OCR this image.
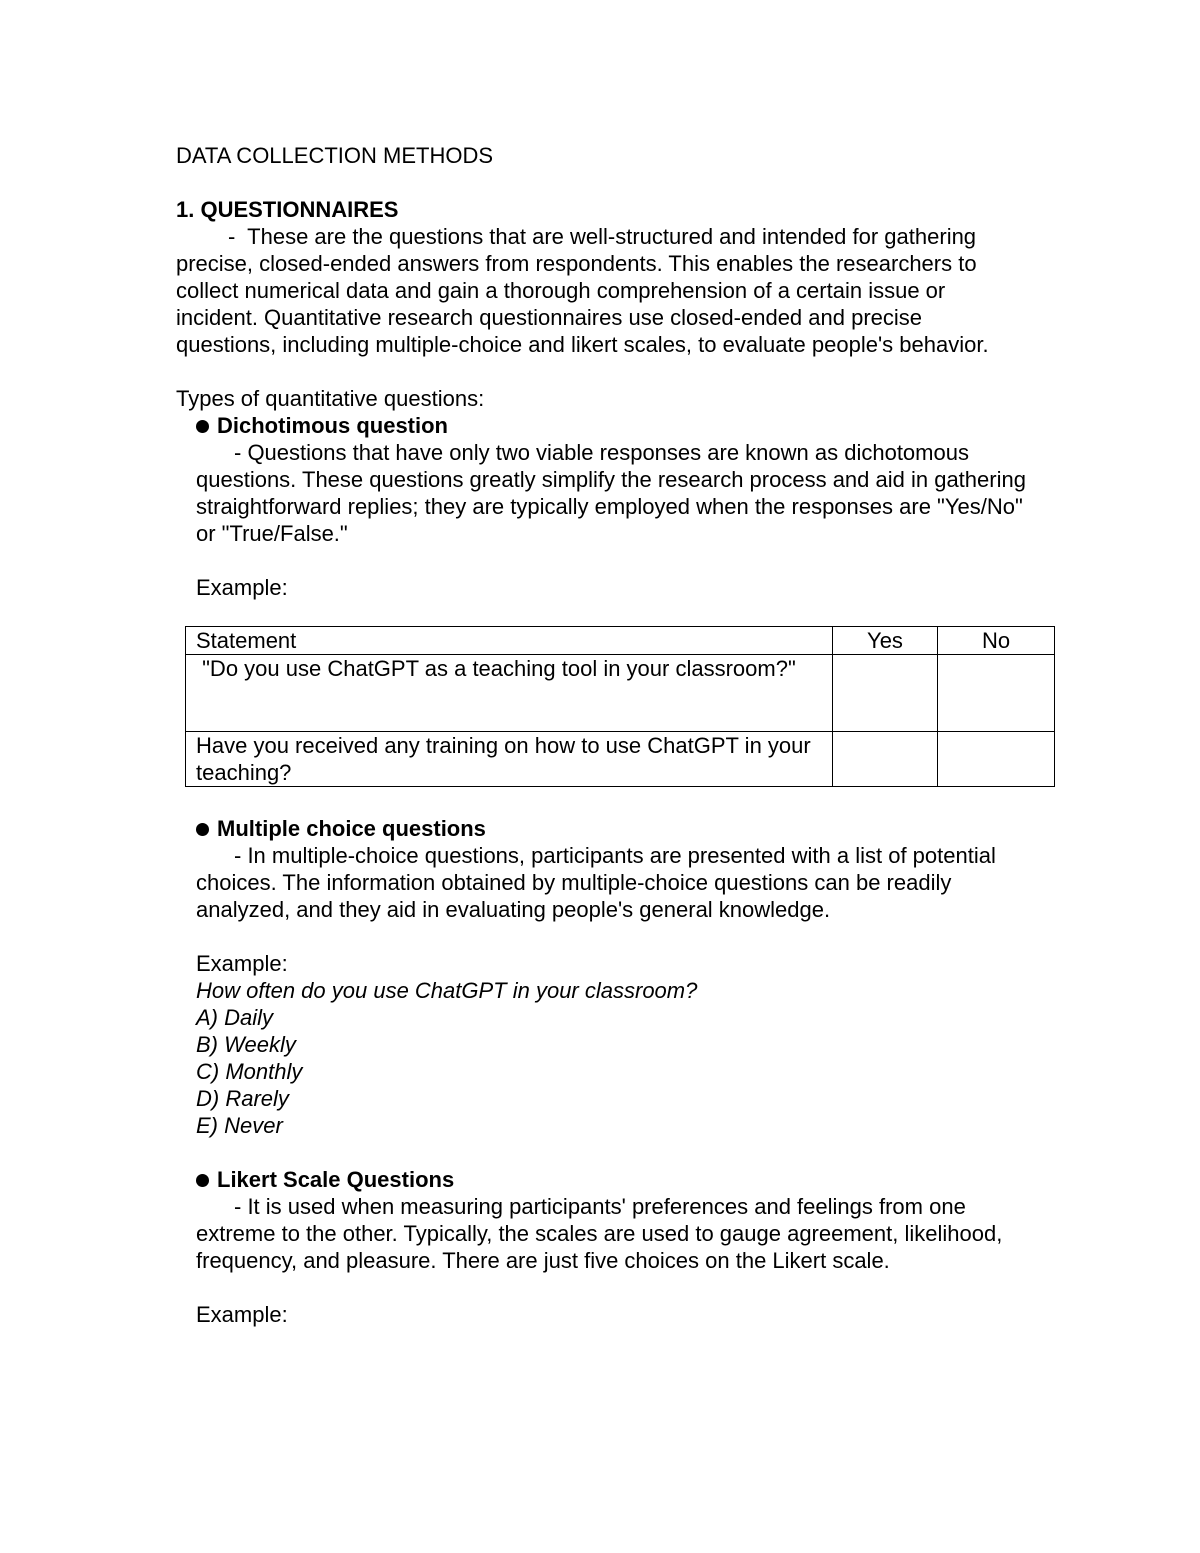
DATA COLLECTION METHODS
1. QUESTIONNAIRES

- These are the questions that are well-structured and intended for gathering precise, closed-ended answers from respondents. This enables the researchers to collect numerical data and gain a thorough comprehension of a certain issue or incident. Quantitative research questionnaires use closed-ended and precise questions, including multiple-choice and likert scales, to evaluate people's behavior.

Types of quantitative questions:

Dichotimous question

- Questions that have only two viable responses are known as dichotomous questions. These questions greatly simplify the research process and aid in gathering straightforward replies; they are typically employed when the responses are "Yes/No" or "True/False."

Example:

Statement	Yes	No
"Do you use ChatGPT as a teaching tool in your classroom?"		
Have you received any training on how to use ChatGPT in your teaching?		
Multiple choice questions

- In multiple-choice questions, participants are presented with a list of potential choices. The information obtained by multiple-choice questions can be readily analyzed, and they aid in evaluating people's general knowledge.

Example:

How often do you use ChatGPT in your classroom?

A) Daily

B) Weekly

C) Monthly

D) Rarely

E) Never

Likert Scale Questions

- It is used when measuring participants' preferences and feelings from one extreme to the other. Typically, the scales are used to gauge agreement, likelihood, frequency, and pleasure. There are just five choices on the Likert scale.

Example:
